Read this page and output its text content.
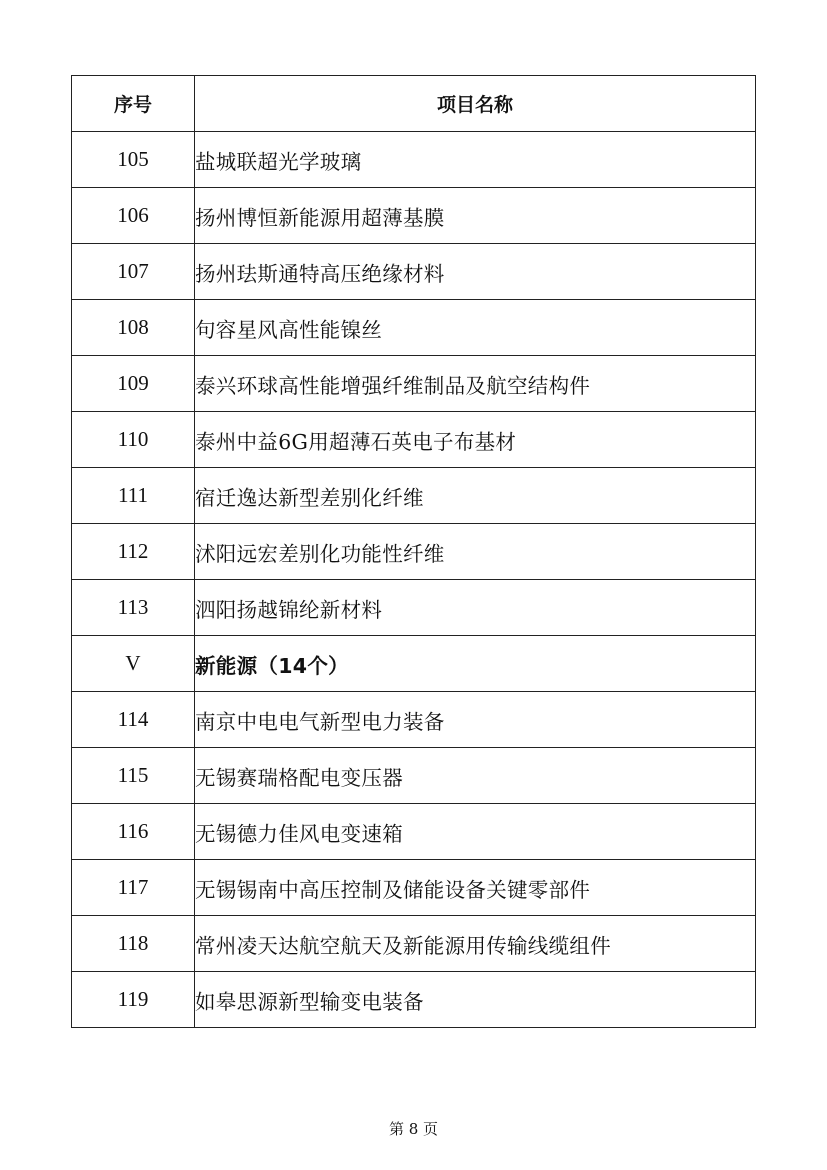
序号	项目名称
105	盐城联超光学玻璃
106	扬州博恒新能源用超薄基膜
107	扬州珐斯通特高压绝缘材料
108	句容星风高性能镍丝
109	泰兴环球高性能增强纤维制品及航空结构件
110	泰州中益6G用超薄石英电子布基材
111	宿迁逸达新型差别化纤维
112	沭阳远宏差别化功能性纤维
113	泗阳扬越锦纶新材料
V	新能源（14个）
114	南京中电电气新型电力装备
115	无锡赛瑞格配电变压器
116	无锡德力佳风电变速箱
117	无锡锡南中高压控制及储能设备关键零部件
118	常州凌天达航空航天及新能源用传输线缆组件
119	如皋思源新型输变电装备
第 8 页
